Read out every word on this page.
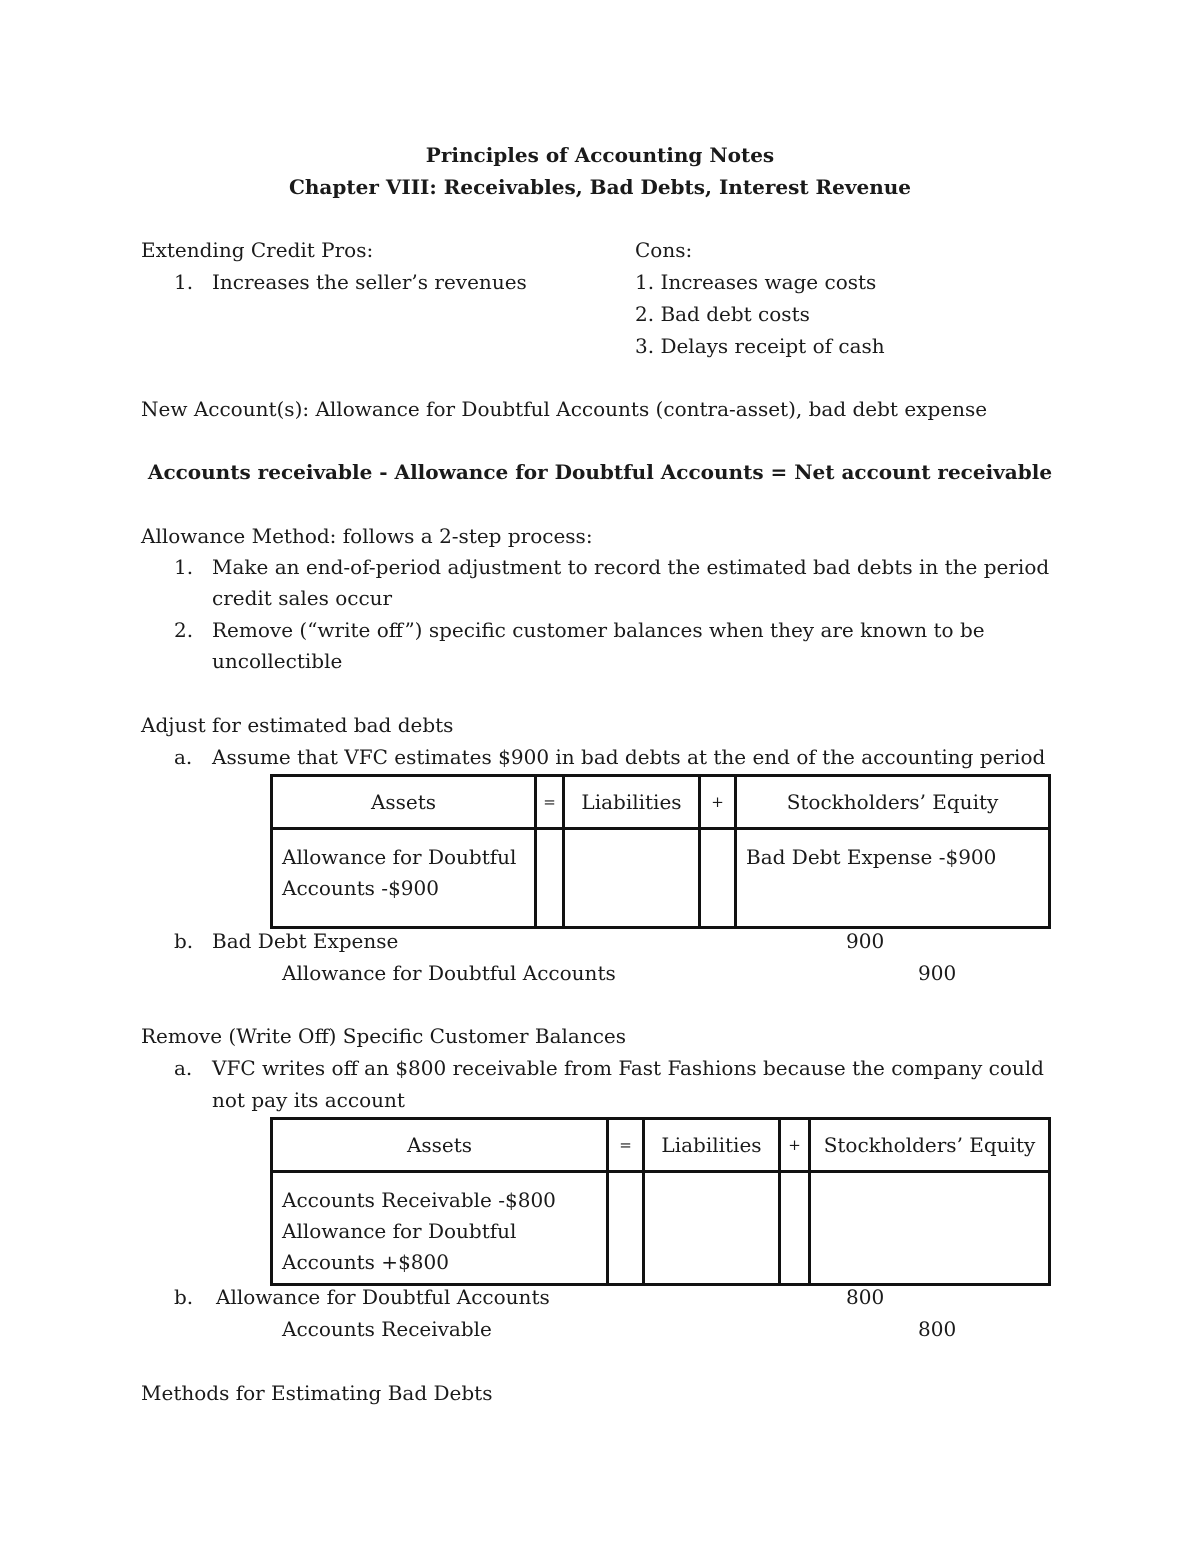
Principles of Accounting Notes
Chapter VIII: Receivables, Bad Debts, Interest Revenue
Extending Credit Pros:
1. Increases the seller’s revenues
Cons:
1. Increases wage costs
2. Bad debt costs
3. Delays receipt of cash
New Account(s): Allowance for Doubtful Accounts (contra-asset), bad debt expense
Accounts receivable - Allowance for Doubtful Accounts = Net account receivable
Allowance Method: follows a 2-step process:
1. Make an end-of-period adjustment to record the estimated bad debts in the period
credit sales occur
2. Remove (“write off”) specific customer balances when they are known to be
uncollectible
Adjust for estimated bad debts
a. Assume that VFC estimates $900 in bad debts at the end of the accounting period
Assets	=	Liabilities	+	Stockholders’ Equity

Allowance for Doubtful
Accounts -$900				Bad Debt Expense -$900
b. Bad Debt Expense	900
Allowance for Doubtful Accounts	900
Remove (Write Off) Specific Customer Balances
a. VFC writes off an $800 receivable from Fast Fashions because the company could
not pay its account
Assets	=	Liabilities	+	Stockholders’ Equity

Accounts Receivable -$800
Allowance for Doubtful
Accounts +$800				

b. Allowance for Doubtful Accounts	800
Accounts Receivable	800
Methods for Estimating Bad Debts
